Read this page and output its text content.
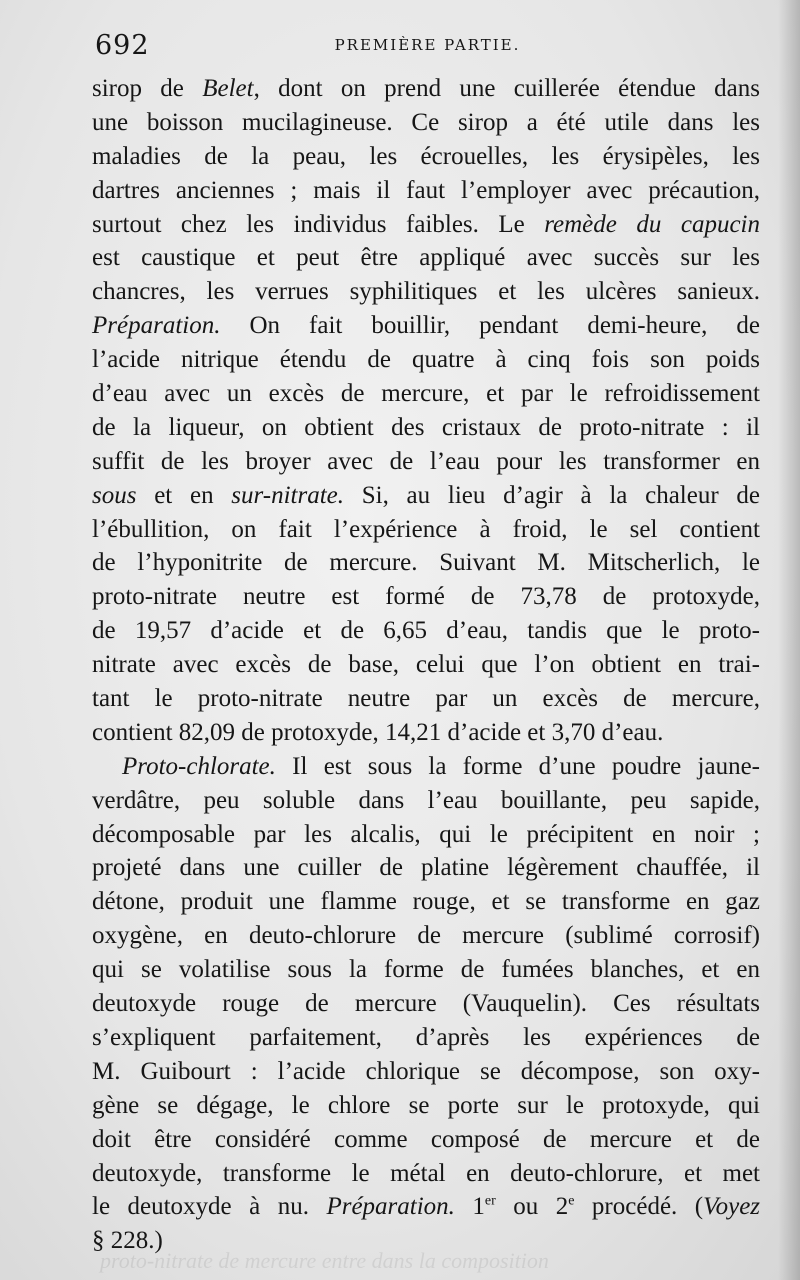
692	PREMIÈRE PARTIE.
sirop de Belet, dont on prend une cuillerée étendue dans
une boisson mucilagineuse. Ce sirop a été utile dans les
maladies de la peau, les écrouelles, les érysipèles, les
dartres anciennes ; mais il faut l’employer avec précaution,
surtout chez les individus faibles. Le remède du capucin
est caustique et peut être appliqué avec succès sur les
chancres, les verrues syphilitiques et les ulcères sanieux.
Préparation. On fait bouillir, pendant demi-heure, de
l’acide nitrique étendu de quatre à cinq fois son poids
d’eau avec un excès de mercure, et par le refroidissement
de la liqueur, on obtient des cristaux de proto-nitrate : il
suffit de les broyer avec de l’eau pour les transformer en
sous et en sur-nitrate. Si, au lieu d’agir à la chaleur de
l’ébullition, on fait l’expérience à froid, le sel contient
de l’hyponitrite de mercure. Suivant M. Mitscherlich, le
proto-nitrate neutre est formé de 73,78 de protoxyde,
de 19,57 d’acide et de 6,65 d’eau, tandis que le proto-
nitrate avec excès de base, celui que l’on obtient en trai-
tant le proto-nitrate neutre par un excès de mercure,
contient 82,09 de protoxyde, 14,21 d’acide et 3,70 d’eau.
Proto-chlorate. Il est sous la forme d’une poudre jaune-
verdâtre, peu soluble dans l’eau bouillante, peu sapide,
décomposable par les alcalis, qui le précipitent en noir ;
projeté dans une cuiller de platine légèrement chauffée, il
détone, produit une flamme rouge, et se transforme en gaz
oxygène, en deuto-chlorure de mercure (sublimé corrosif)
qui se volatilise sous la forme de fumées blanches, et en
deutoxyde rouge de mercure (Vauquelin). Ces résultats
s’expliquent parfaitement, d’après les expériences de
M. Guibourt : l’acide chlorique se décompose, son oxy-
gène se dégage, le chlore se porte sur le protoxyde, qui
doit être considéré comme composé de mercure et de
deutoxyde, transforme le métal en deuto-chlorure, et met
le deutoxyde à nu. Préparation. 1er ou 2e procédé. (Voyez
§ 228.)
proto-nitrate de mercure entre dans la composition
